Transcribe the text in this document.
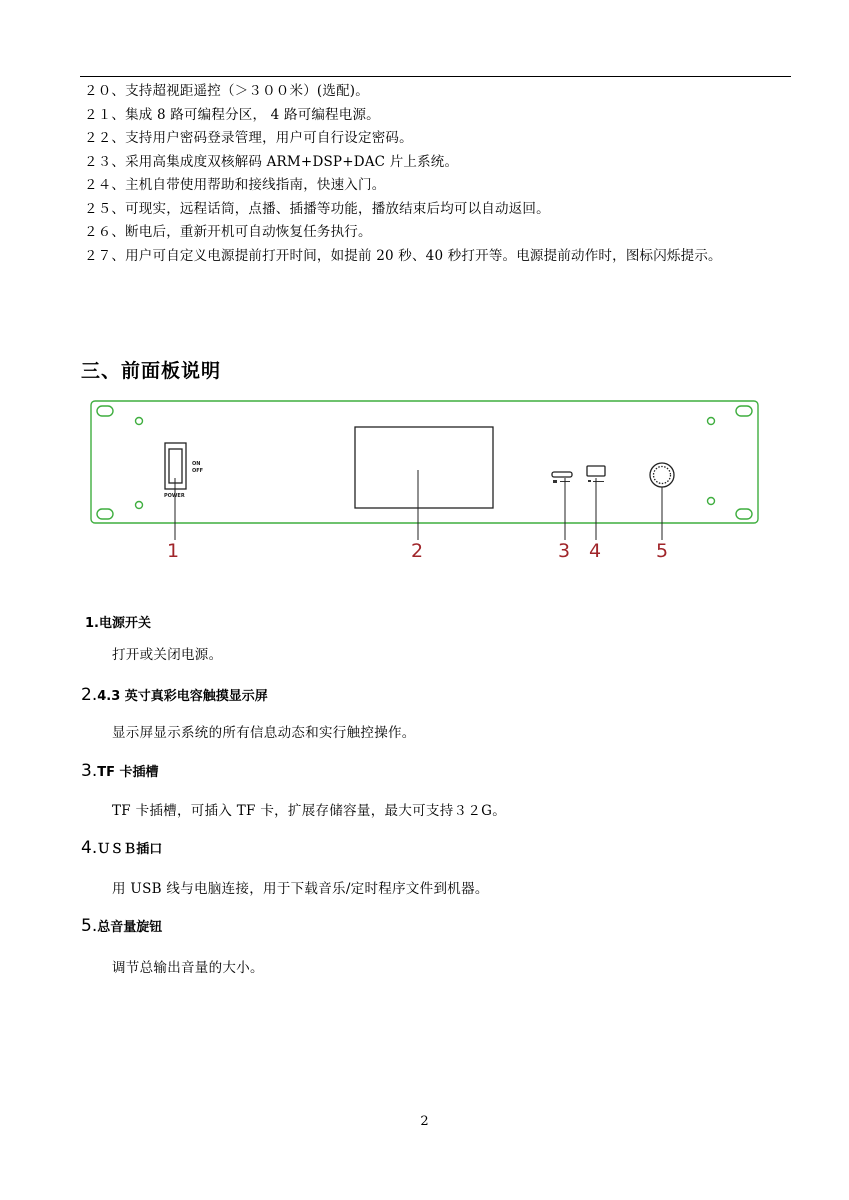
２０、支持超视距遥控（＞３００米）(选配)。
２１、集成 8 路可编程分区， 4 路可编程电源。
２２、支持用户密码登录管理，用户可自行设定密码。
２３、采用高集成度双核解码 ARM+DSP+DAC 片上系统。
２４、主机自带使用帮助和接线指南，快速入门。
２５、可现实，远程话筒，点播、插播等功能，播放结束后均可以自动返回。
２６、断电后，重新开机可自动恢复任务执行。
２７、用户可自定义电源提前打开时间，如提前 20 秒、40 秒打开等。电源提前动作时，图标闪烁提示。
三、前面板说明
ON
OFF
POWER
1	2	3 4	5
1.电源开关
打开或关闭电源。
2.4.3 英寸真彩电容触摸显示屏
显示屏显示系统的所有信息动态和实行触控操作。
3.TF 卡插槽
TF 卡插槽，可插入 TF 卡，扩展存储容量，最大可支持３２G。
4.ＵＳＢ插口
用 USB 线与电脑连接，用于下载音乐/定时程序文件到机器。
5.总音量旋钮
调节总输出音量的大小。
2
